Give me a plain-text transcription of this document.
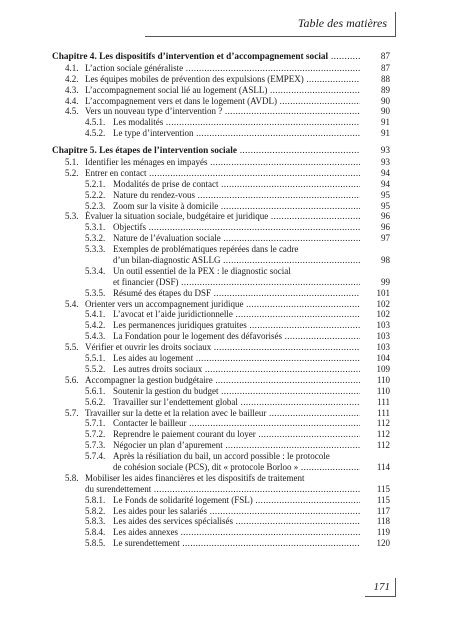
Table des matières
Chapitre 4. Les dispositifs d’intervention et d’accompagnement social .....	87
4.1. L’action sociale généraliste .....	87
4.2. Les équipes mobiles de prévention des expulsions (EMPEX) .....	88
4.3. L’accompagnement social lié au logement (ASLL) .....	89
4.4. L’accompagnement vers et dans le logement (AVDL) .....	90
4.5. Vers un nouveau type d’intervention ? .....	90
4.5.1. Les modalités .....	91
4.5.2. Le type d’intervention .....	91
Chapitre 5. Les étapes de l’intervention sociale .....	93
5.1. Identifier les ménages en impayés .....	93
5.2. Entrer en contact .....	94
5.2.1. Modalités de prise de contact .....	94
5.2.2. Nature du rendez-vous .....	95
5.2.3. Zoom sur la visite à domicile .....	95
5.3. Évaluer la situation sociale, budgétaire et juridique .....	96
5.3.1. Objectifs .....	96
5.3.2. Nature de l’évaluation sociale .....	97
5.3.3. Exemples de problématiques repérées dans le cadre
d’un bilan-diagnostic ASLLG .....	98
5.3.4. Un outil essentiel de la PEX : le diagnostic social
et financier (DSF) .....	99
5.3.5. Résumé des étapes du DSF .....	101
5.4. Orienter vers un accompagnement juridique .....	102
5.4.1. L’avocat et l’aide juridictionnelle .....	102
5.4.2. Les permanences juridiques gratuites .....	103
5.4.3. La Fondation pour le logement des défavorisés .....	103
5.5. Vérifier et ouvrir les droits sociaux .....	103
5.5.1. Les aides au logement .....	104
5.5.2. Les autres droits sociaux .....	109
5.6. Accompagner la gestion budgétaire .....	110
5.6.1. Soutenir la gestion du budget .....	110
5.6.2. Travailler sur l’endettement global .....	111
5.7. Travailler sur la dette et la relation avec le bailleur .....	111
5.7.1. Contacter le bailleur .....	112
5.7.2. Reprendre le paiement courant du loyer .....	112
5.7.3. Négocier un plan d’apurement .....	112
5.7.4. Après la résiliation du bail, un accord possible : le protocole
de cohésion sociale (PCS), dit « protocole Borloo » .....	114
5.8. Mobiliser les aides financières et les dispositifs de traitement
du surendettement .....	115
5.8.1. Le Fonds de solidarité logement (FSL) .....	115
5.8.2. Les aides pour les salariés .....	117
5.8.3. Les aides des services spécialisés .....	118
5.8.4. Les aides annexes .....	119
5.8.5. Le surendettement .....	120
171
